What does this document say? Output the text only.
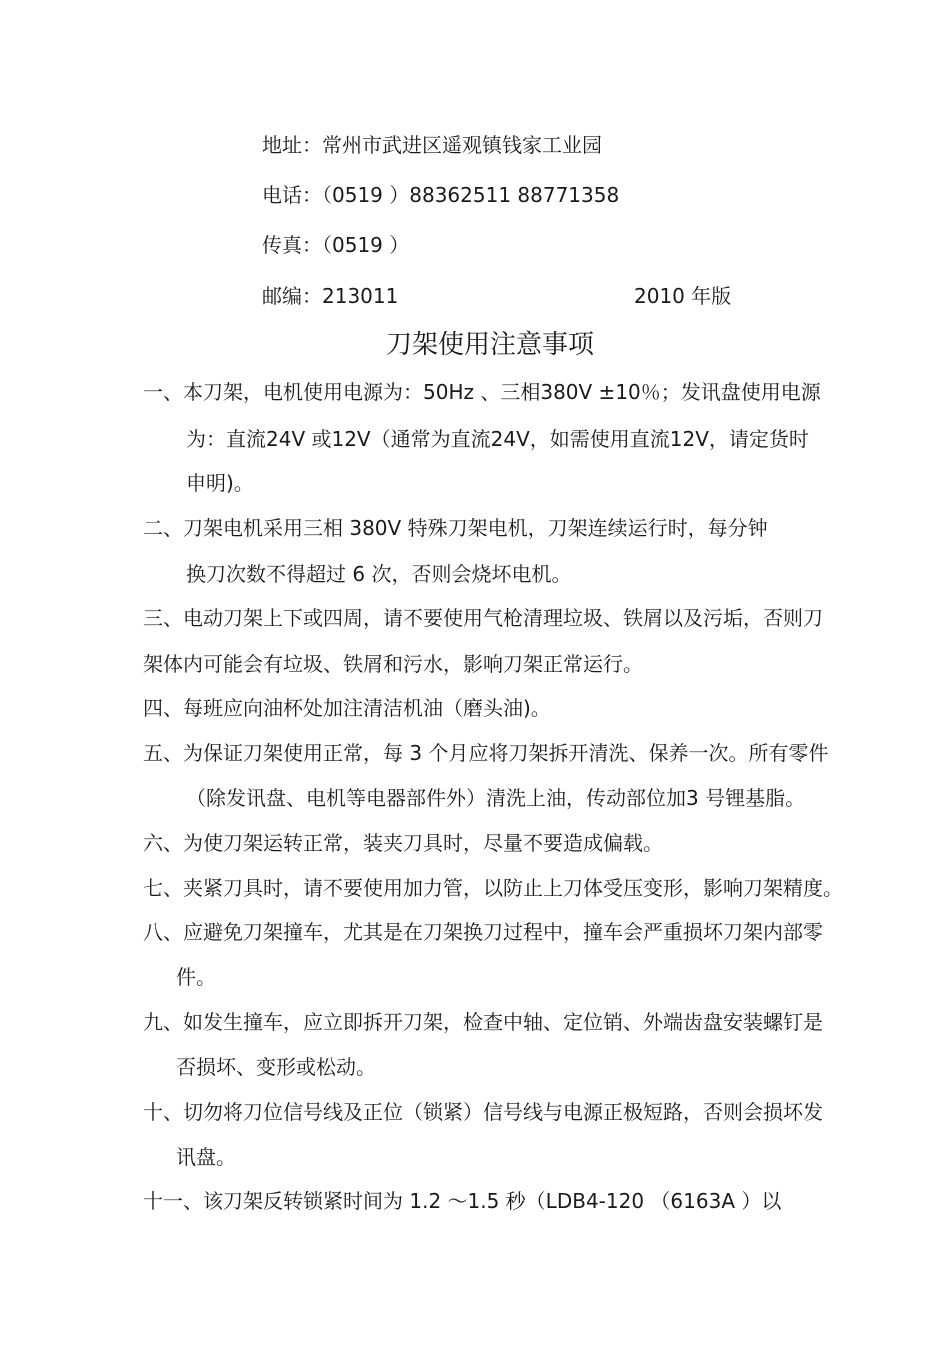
地址：常州市武进区遥观镇钱家工业园
电话：（0519 ）88362511 88771358
传真：（0519 ）
邮编：213011	2010 年版
刀架使用注意事项
一、本刀架，电机使用电源为：50Hz 、三相380V ±10％；发讯盘使用电源
为：直流24V 或12V（通常为直流24V，如需使用直流12V，请定货时
申明)。
二、刀架电机采用三相 380V 特殊刀架电机，刀架连续运行时，每分钟
换刀次数不得超过 6 次，否则会烧坏电机。
三、电动刀架上下或四周，请不要使用气枪清理垃圾、铁屑以及污垢，否则刀
架体内可能会有垃圾、铁屑和污水，影响刀架正常运行。
四、每班应向油杯处加注清洁机油（磨头油)。
五、为保证刀架使用正常，每 3 个月应将刀架拆开清洗、保养一次。所有零件
（除发讯盘、电机等电器部件外）清洗上油，传动部位加3 号锂基脂。
六、为使刀架运转正常，装夹刀具时，尽量不要造成偏载。
七、夹紧刀具时，请不要使用加力管，以防止上刀体受压变形，影响刀架精度。
八、应避免刀架撞车，尤其是在刀架换刀过程中，撞车会严重损坏刀架内部零
件。
九、如发生撞车，应立即拆开刀架，检查中轴、定位销、外端齿盘安装螺钉是
否损坏、变形或松动。
十、切勿将刀位信号线及正位（锁紧）信号线与电源正极短路，否则会损坏发
讯盘。
十一、该刀架反转锁紧时间为 1.2 ～1.5 秒（LDB4-120 （6163A ）以
